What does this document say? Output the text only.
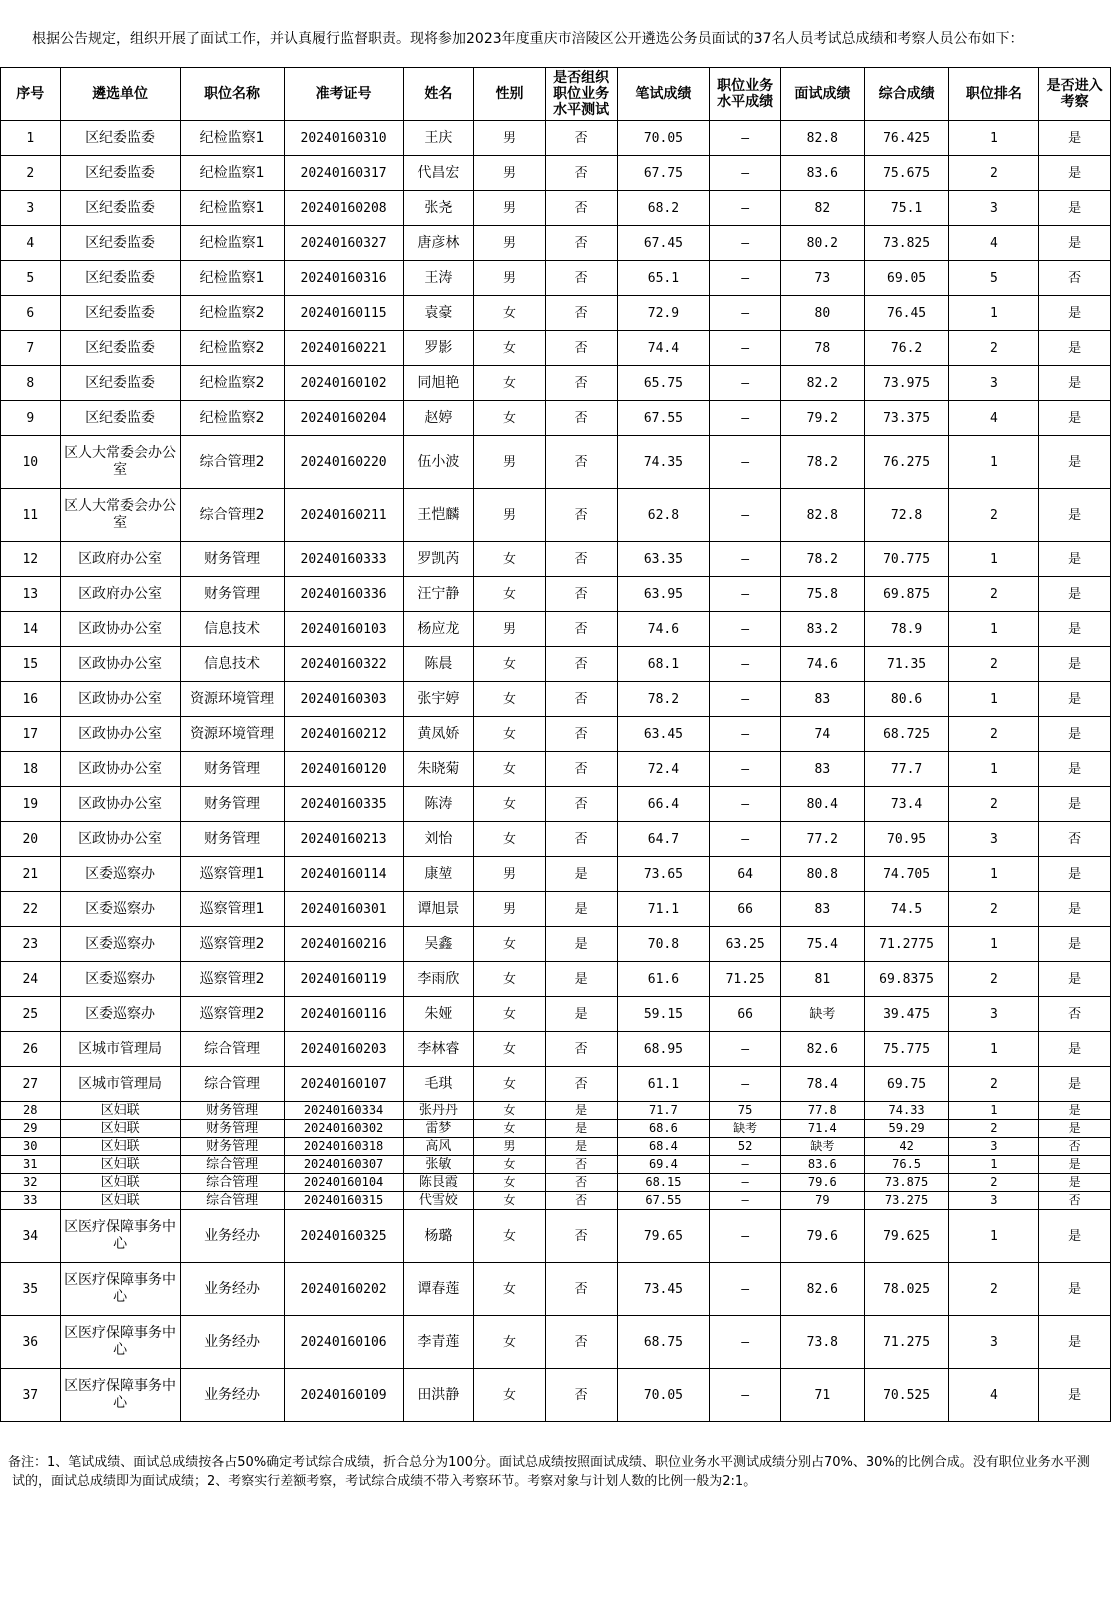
根据公告规定，组织开展了面试工作，并认真履行监督职责。现将参加2023年度重庆市涪陵区公开遴选公务员面试的37名人员考试总成绩和考察人员公布如下：

序号	遴选单位	职位名称	准考证号	姓名	性别	是否组织职位业务水平测试	笔试成绩	职位业务水平成绩	面试成绩	综合成绩	职位排名	是否进入考察
1	区纪委监委	纪检监察1	20240160310	王庆	男	否	70.05	—	82.8	76.425	1	是
2	区纪委监委	纪检监察1	20240160317	代昌宏	男	否	67.75	—	83.6	75.675	2	是
3	区纪委监委	纪检监察1	20240160208	张尧	男	否	68.2	—	82	75.1	3	是
4	区纪委监委	纪检监察1	20240160327	唐彦林	男	否	67.45	—	80.2	73.825	4	是
5	区纪委监委	纪检监察1	20240160316	王涛	男	否	65.1	—	73	69.05	5	否
6	区纪委监委	纪检监察2	20240160115	袁豪	女	否	72.9	—	80	76.45	1	是
7	区纪委监委	纪检监察2	20240160221	罗影	女	否	74.4	—	78	76.2	2	是
8	区纪委监委	纪检监察2	20240160102	同旭艳	女	否	65.75	—	82.2	73.975	3	是
9	区纪委监委	纪检监察2	20240160204	赵婷	女	否	67.55	—	79.2	73.375	4	是
10	区人大常委会办公室	综合管理2	20240160220	伍小波	男	否	74.35	—	78.2	76.275	1	是
11	区人大常委会办公室	综合管理2	20240160211	王恺麟	男	否	62.8	—	82.8	72.8	2	是
12	区政府办公室	财务管理	20240160333	罗凯芮	女	否	63.35	—	78.2	70.775	1	是
13	区政府办公室	财务管理	20240160336	汪宁静	女	否	63.95	—	75.8	69.875	2	是
14	区政协办公室	信息技术	20240160103	杨应龙	男	否	74.6	—	83.2	78.9	1	是
15	区政协办公室	信息技术	20240160322	陈晨	女	否	68.1	—	74.6	71.35	2	是
16	区政协办公室	资源环境管理	20240160303	张宇婷	女	否	78.2	—	83	80.6	1	是
17	区政协办公室	资源环境管理	20240160212	黄凤娇	女	否	63.45	—	74	68.725	2	是
18	区政协办公室	财务管理	20240160120	朱晓菊	女	否	72.4	—	83	77.7	1	是
19	区政协办公室	财务管理	20240160335	陈涛	女	否	66.4	—	80.4	73.4	2	是
20	区政协办公室	财务管理	20240160213	刘怡	女	否	64.7	—	77.2	70.95	3	否
21	区委巡察办	巡察管理1	20240160114	康堃	男	是	73.65	64	80.8	74.705	1	是
22	区委巡察办	巡察管理1	20240160301	谭旭景	男	是	71.1	66	83	74.5	2	是
23	区委巡察办	巡察管理2	20240160216	吴鑫	女	是	70.8	63.25	75.4	71.2775	1	是
24	区委巡察办	巡察管理2	20240160119	李雨欣	女	是	61.6	71.25	81	69.8375	2	是
25	区委巡察办	巡察管理2	20240160116	朱娅	女	是	59.15	66	缺考	39.475	3	否
26	区城市管理局	综合管理	20240160203	李林睿	女	否	68.95	—	82.6	75.775	1	是
27	区城市管理局	综合管理	20240160107	毛琪	女	否	61.1	—	78.4	69.75	2	是
28	区妇联	财务管理	20240160334	张丹丹	女	是	71.7	75	77.8	74.33	1	是
29	区妇联	财务管理	20240160302	雷梦	女	是	68.6	缺考	71.4	59.29	2	是
30	区妇联	财务管理	20240160318	高风	男	是	68.4	52	缺考	42	3	否
31	区妇联	综合管理	20240160307	张敏	女	否	69.4	—	83.6	76.5	1	是
32	区妇联	综合管理	20240160104	陈艮霞	女	否	68.15	—	79.6	73.875	2	是
33	区妇联	综合管理	20240160315	代雪姣	女	否	67.55	—	79	73.275	3	否
34	区医疗保障事务中心	业务经办	20240160325	杨璐	女	否	79.65	—	79.6	79.625	1	是
35	区医疗保障事务中心	业务经办	20240160202	谭春莲	女	否	73.45	—	82.6	78.025	2	是
36	区医疗保障事务中心	业务经办	20240160106	李青莲	女	否	68.75	—	73.8	71.275	3	是
37	区医疗保障事务中心	业务经办	20240160109	田洪静	女	否	70.05	—	71	70.525	4	是

备注：1、笔试成绩、面试总成绩按各占50%确定考试综合成绩，折合总分为100分。面试总成绩按照面试成绩、职位业务水平测试成绩分别占70%、30%的比例合成。没有职位业务水平测试的，面试总成绩即为面试成绩；2、考察实行差额考察，考试综合成绩不带入考察环节。考察对象与计划人数的比例一般为2:1。
